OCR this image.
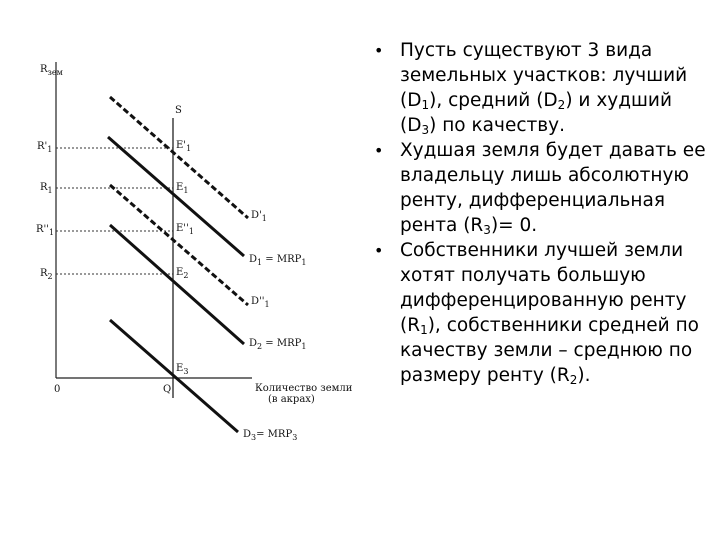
$R_{зем}$
$R'_1$
$R_1$
$R''_1$
$R_2$
S
$E'_1$
$E_1$
$E''_1$
$E_2$
$E_3$
$D'_1$
$D_1 = MRP_1$
$D''_1$
$D_2 = MRP_1$
$D_3= MRP_3$
0	Q	Количество земли
(в акрах)

• Пусть существуют 3 вида земельных участков: лучший $(D_1)$, средний $(D_2)$ и худший $(D_3)$ по качеству.

• Худшая земля будет давать ее владельцу лишь абсолютную ренту, дифференциальная рента $(R_3)= 0$.

• Собственники лучшей земли хотят получать большую дифференцированную ренту $(R_1)$, собственники средней по качеству земли – среднюю по размеру ренту $(R_2)$.
